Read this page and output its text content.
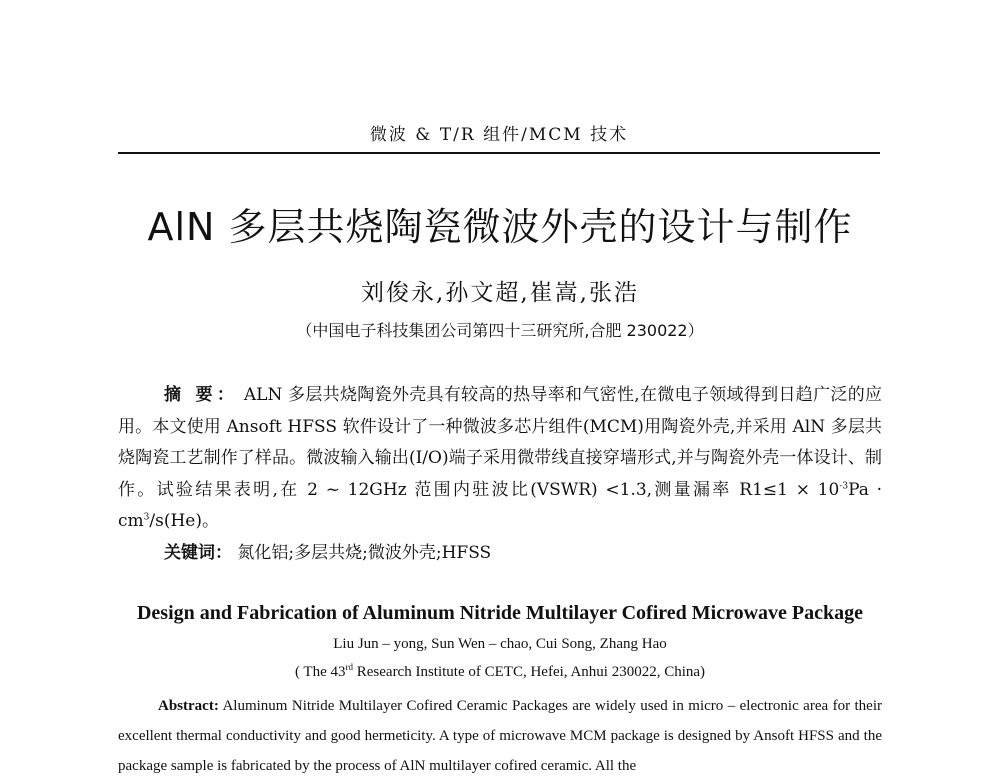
微波 & T/R 组件/MCM 技术
AlN 多层共烧陶瓷微波外壳的设计与制作
刘俊永,孙文超,崔嵩,张浩
（中国电子科技集团公司第四十三研究所,合肥 230022）
摘 要： ALN 多层共烧陶瓷外壳具有较高的热导率和气密性,在微电子领域得到日趋广泛的应用。本文使用 Ansoft HFSS 软件设计了一种微波多芯片组件(MCM)用陶瓷外壳,并采用 AlN 多层共烧陶瓷工艺制作了样品。微波输入输出(I/O)端子采用微带线直接穿墙形式,并与陶瓷外壳一体设计、制作。试验结果表明,在 2 ~ 12GHz 范围内驻波比(VSWR) <1.3,测量漏率 $R1\le 1 \times 10^{-3}Pa \cdot cm^3/s(He)$。
关键词： 氮化铝;多层共烧;微波外壳;HFSS
Design and Fabrication of Aluminum Nitride Multilayer Cofired Microwave Package
Liu Jun – yong, Sun Wen – chao, Cui Song, Zhang Hao
( The 43rd Research Institute of CETC, Hefei, Anhui 230022, China)
Abstract: Aluminum Nitride Multilayer Cofired Ceramic Packages are widely used in micro – electronic area for their excellent thermal conductivity and good hermeticity. A type of microwave MCM package is designed by Ansoft HFSS and the package sample is fabricated by the process of AlN multilayer cofired ceramic. All the
